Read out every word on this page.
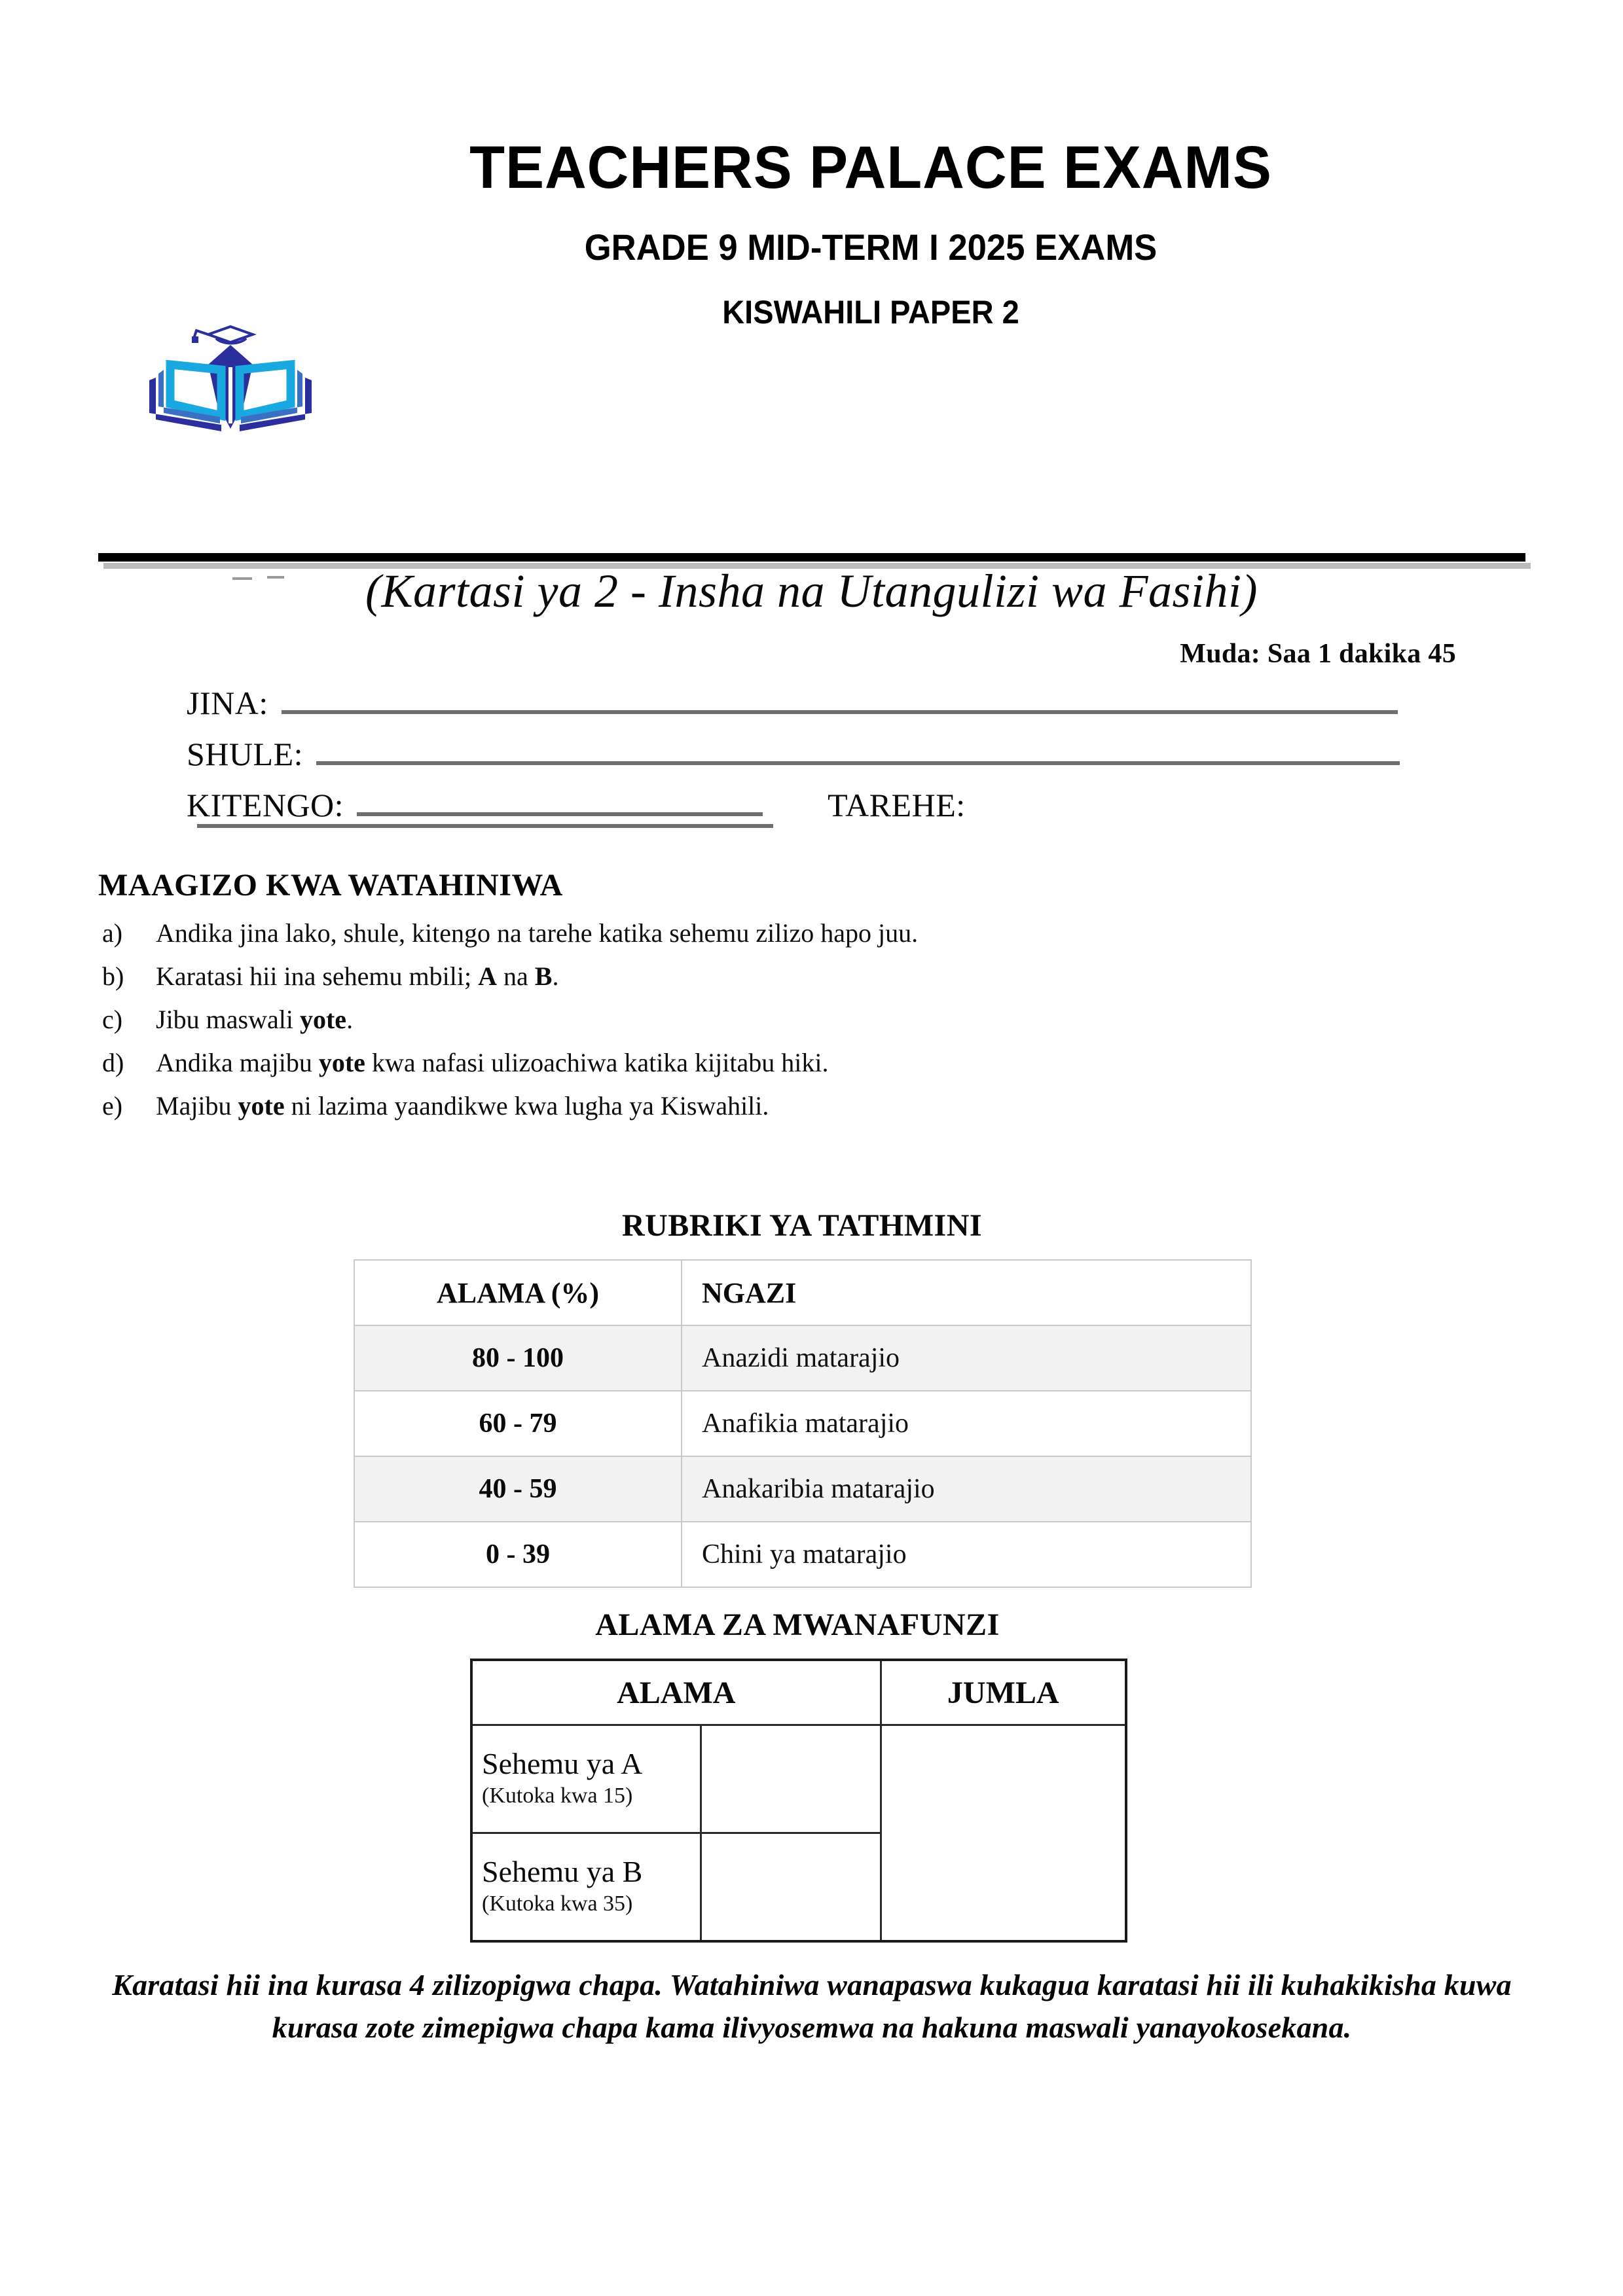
TEACHERS PALACE EXAMS
GRADE 9 MID-TERM I 2025 EXAMS
KISWAHILI PAPER 2
(Kartasi ya 2 - Insha na Utangulizi wa Fasihi)
Muda: Saa 1 dakika 45
JINA:
SHULE:
KITENGO:	TAREHE:
MAAGIZO KWA WATAHINIWA
a)	Andika jina lako, shule, kitengo na tarehe katika sehemu zilizo hapo juu.
b)	Karatasi hii ina sehemu mbili; A na B.
c)	Jibu maswali yote.
d)	Andika majibu yote kwa nafasi ulizoachiwa katika kijitabu hiki.
e)	Majibu yote ni lazima yaandikwe kwa lugha ya Kiswahili.
RUBRIKI YA TATHMINI
ALAMA (%)	NGAZI
80 - 100	Anazidi matarajio
60 - 79	Anafikia matarajio
40 - 59	Anakaribia matarajio
0 - 39	Chini ya matarajio
ALAMA ZA MWANAFUNZI
ALAMA		JUMLA

Sehemu ya A
(Kutoka kwa 15)		

Sehemu ya B
(Kutoka kwa 35)		

Karatasi hii ina kurasa 4 zilizopigwa chapa. Watahiniwa wanapaswa kukagua karatasi hii ili kuhakikisha kuwa kurasa zote zimepigwa chapa kama ilivyosemwa na hakuna maswali yanayokosekana.
